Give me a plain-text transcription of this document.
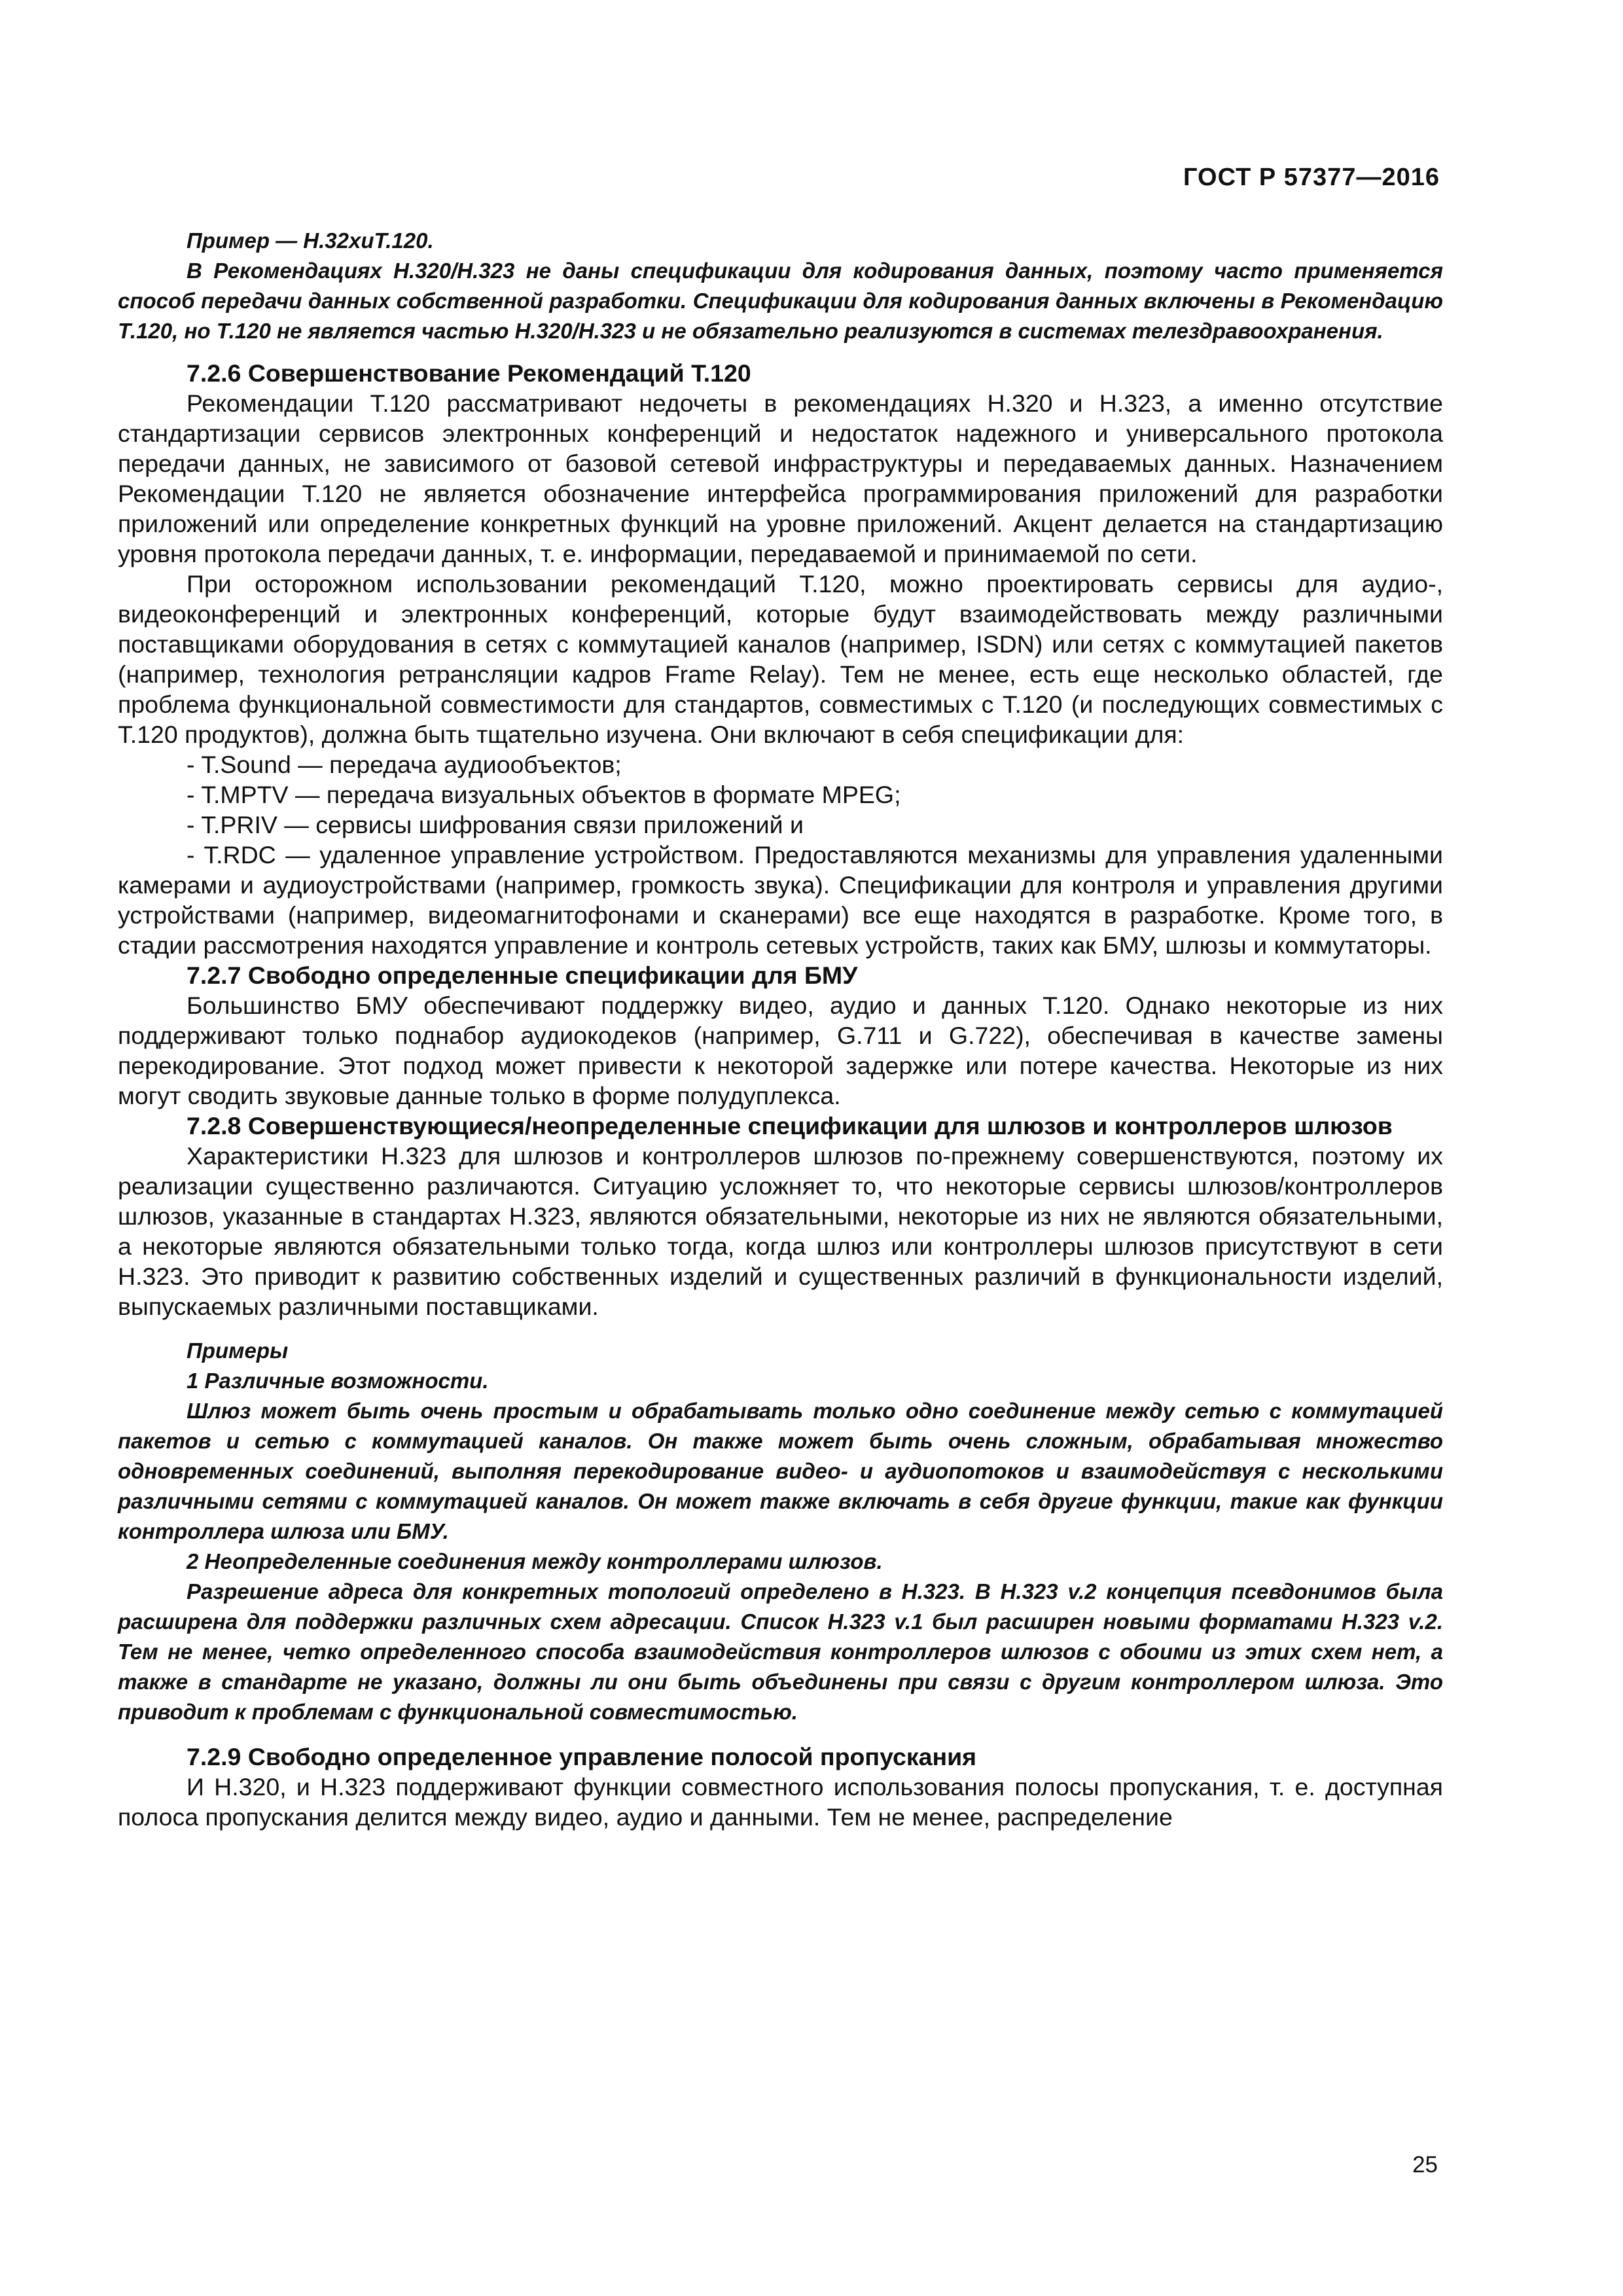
ГОСТ Р 57377—2016

Пример — H.32xuT.120.

В Рекомендациях H.320/H.323 не даны спецификации для кодирования данных, поэтому часто применяется способ передачи данных собственной разработки. Спецификации для кодирования данных включены в Рекомендацию Т.120, но Т.120 не является частью H.320/H.323 и не обязательно реализуются в системах телездравоохранения.

7.2.6 Совершенствование Рекомендаций Т.120

Рекомендации Т.120 рассматривают недочеты в рекомендациях Н.320 и Н.323, а именно отсутствие стандартизации сервисов электронных конференций и недостаток надежного и универсального протокола передачи данных, не зависимого от базовой сетевой инфраструктуры и передаваемых данных. Назначением Рекомендации Т.120 не является обозначение интерфейса программирования приложений для разработки приложений или определение конкретных функций на уровне приложений. Акцент делается на стандартизацию уровня протокола передачи данных, т. е. информации, передаваемой и принимаемой по сети.

При осторожном использовании рекомендаций Т.120, можно проектировать сервисы для аудио-, видеоконференций и электронных конференций, которые будут взаимодействовать между различными поставщиками оборудования в сетях с коммутацией каналов (например, ISDN) или сетях с коммутацией пакетов (например, технология ретрансляции кадров Frame Relay). Тем не менее, есть еще несколько областей, где проблема функциональной совместимости для стандартов, совместимых с Т.120 (и последующих совместимых с Т.120 продуктов), должна быть тщательно изучена. Они включают в себя спецификации для:

- T.Sound — передача аудиообъектов;

- T.MPTV — передача визуальных объектов в формате MPEG;

- T.PRIV — сервисы шифрования связи приложений и

- T.RDC — удаленное управление устройством. Предоставляются механизмы для управления удаленными камерами и аудиоустройствами (например, громкость звука). Спецификации для контроля и управления другими устройствами (например, видеомагнитофонами и сканерами) все еще находятся в разработке. Кроме того, в стадии рассмотрения находятся управление и контроль сетевых устройств, таких как БМУ, шлюзы и коммутаторы.

7.2.7 Свободно определенные спецификации для БМУ

Большинство БМУ обеспечивают поддержку видео, аудио и данных Т.120. Однако некоторые из них поддерживают только поднабор аудиокодеков (например, G.711 и G.722), обеспечивая в качестве замены перекодирование. Этот подход может привести к некоторой задержке или потере качества. Некоторые из них могут сводить звуковые данные только в форме полудуплекса.

7.2.8 Совершенствующиеся/неопределенные спецификации для шлюзов и контроллеров шлюзов

Характеристики Н.323 для шлюзов и контроллеров шлюзов по-прежнему совершенствуются, поэтому их реализации существенно различаются. Ситуацию усложняет то, что некоторые сервисы шлюзов/контроллеров шлюзов, указанные в стандартах Н.323, являются обязательными, некоторые из них не являются обязательными, а некоторые являются обязательными только тогда, когда шлюз или контроллеры шлюзов присутствуют в сети Н.323. Это приводит к развитию собственных изделий и существенных различий в функциональности изделий, выпускаемых различными поставщиками.

Примеры

1 Различные возможности.

Шлюз может быть очень простым и обрабатывать только одно соединение между сетью с коммутацией пакетов и сетью с коммутацией каналов. Он также может быть очень сложным, обрабатывая множество одновременных соединений, выполняя перекодирование видео- и аудиопотоков и взаимодействуя с несколькими различными сетями с коммутацией каналов. Он может также включать в себя другие функции, такие как функции контроллера шлюза или БМУ.

2 Неопределенные соединения между контроллерами шлюзов.

Разрешение адреса для конкретных топологий определено в Н.323. В Н.323 v.2 концепция псевдонимов была расширена для поддержки различных схем адресации. Список Н.323 v.1 был расширен новыми форматами Н.323 v.2. Тем не менее, четко определенного способа взаимодействия контроллеров шлюзов с обоими из этих схем нет, а также в стандарте не указано, должны ли они быть объединены при связи с другим контроллером шлюза. Это приводит к проблемам с функциональной совместимостью.

7.2.9 Свободно определенное управление полосой пропускания

И Н.320, и Н.323 поддерживают функции совместного использования полосы пропускания, т. е. доступная полоса пропускания делится между видео, аудио и данными. Тем не менее, распределение

25
